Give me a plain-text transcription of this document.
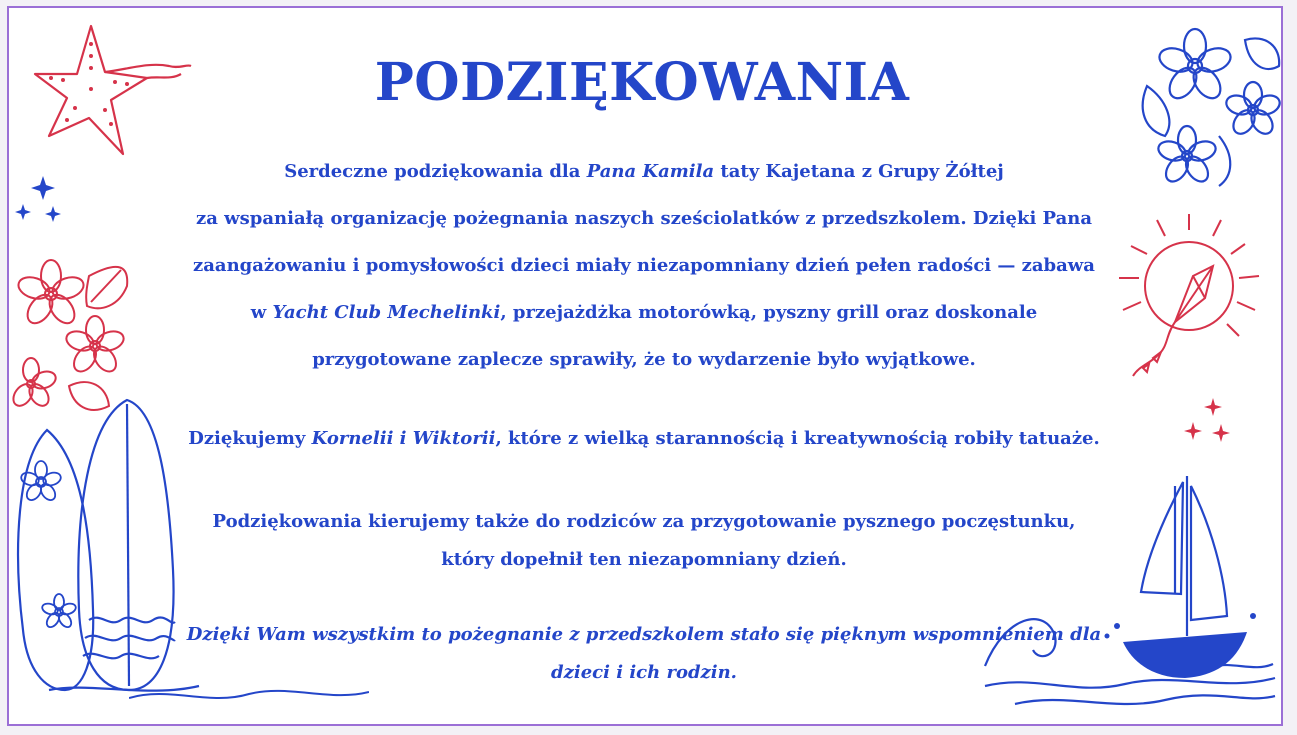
PODZIĘKOWANIA

Serdeczne podziękowania dla Pana Kamila taty Kajetana z Grupy Żółtej
za wspaniałą organizację pożegnania naszych sześciolatków z przedszkolem. Dzięki Pana
zaangażowaniu i pomysłowości dzieci miały niezapomniany dzień pełen radości — zabawa
w Yacht Club Mechelinki, przejażdżka motorówką, pyszny grill oraz doskonale
przygotowane zaplecze sprawiły, że to wydarzenie było wyjątkowe.

Dziękujemy Kornelii i Wiktorii, które z wielką starannością i kreatywnością robiły tatuaże.

Podziękowania kierujemy także do rodziców za przygotowanie pysznego poczęstunku,
który dopełnił ten niezapomniany dzień.

Dzięki Wam wszystkim to pożegnanie z przedszkolem stało się pięknym wspomnieniem dla
dzieci i ich rodzin.
